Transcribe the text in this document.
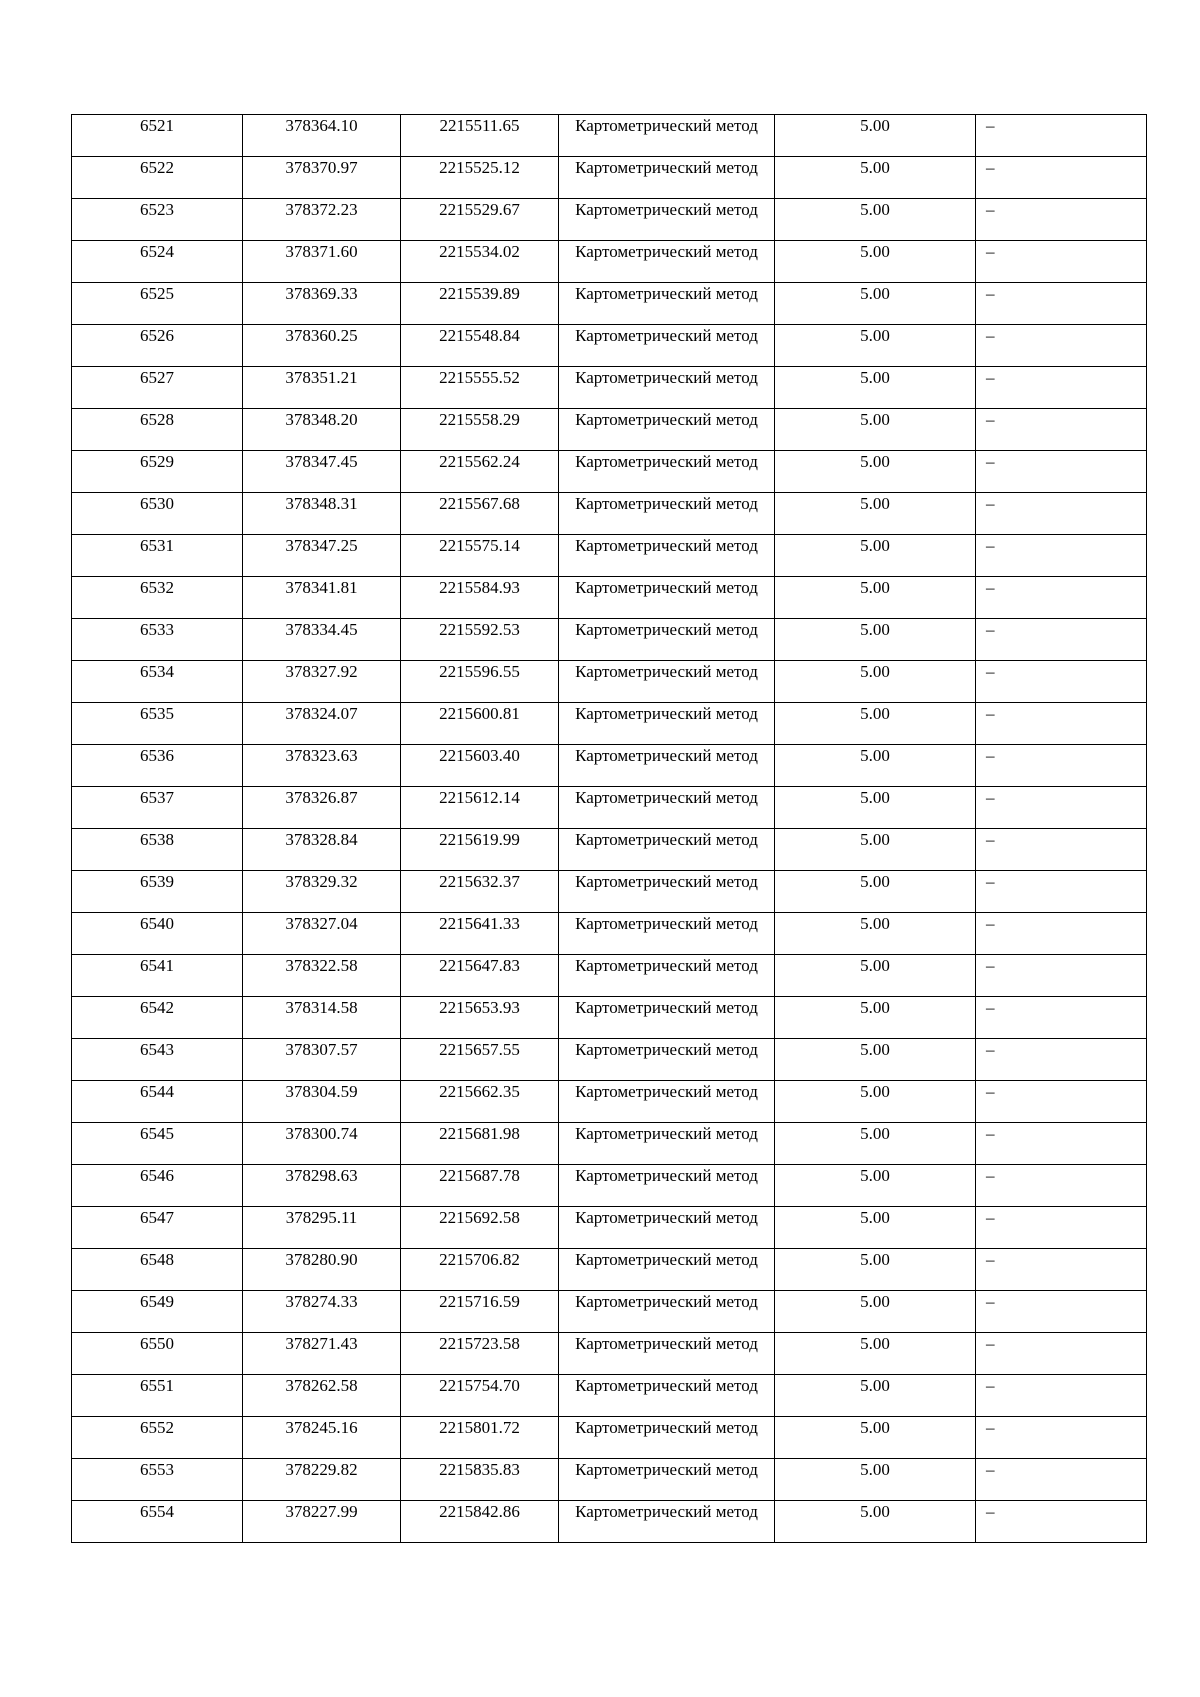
6521	378364.10	2215511.65	Картометрический метод	5.00	–
6522	378370.97	2215525.12	Картометрический метод	5.00	–
6523	378372.23	2215529.67	Картометрический метод	5.00	–
6524	378371.60	2215534.02	Картометрический метод	5.00	–
6525	378369.33	2215539.89	Картометрический метод	5.00	–
6526	378360.25	2215548.84	Картометрический метод	5.00	–
6527	378351.21	2215555.52	Картометрический метод	5.00	–
6528	378348.20	2215558.29	Картометрический метод	5.00	–
6529	378347.45	2215562.24	Картометрический метод	5.00	–
6530	378348.31	2215567.68	Картометрический метод	5.00	–
6531	378347.25	2215575.14	Картометрический метод	5.00	–
6532	378341.81	2215584.93	Картометрический метод	5.00	–
6533	378334.45	2215592.53	Картометрический метод	5.00	–
6534	378327.92	2215596.55	Картометрический метод	5.00	–
6535	378324.07	2215600.81	Картометрический метод	5.00	–
6536	378323.63	2215603.40	Картометрический метод	5.00	–
6537	378326.87	2215612.14	Картометрический метод	5.00	–
6538	378328.84	2215619.99	Картометрический метод	5.00	–
6539	378329.32	2215632.37	Картометрический метод	5.00	–
6540	378327.04	2215641.33	Картометрический метод	5.00	–
6541	378322.58	2215647.83	Картометрический метод	5.00	–
6542	378314.58	2215653.93	Картометрический метод	5.00	–
6543	378307.57	2215657.55	Картометрический метод	5.00	–
6544	378304.59	2215662.35	Картометрический метод	5.00	–
6545	378300.74	2215681.98	Картометрический метод	5.00	–
6546	378298.63	2215687.78	Картометрический метод	5.00	–
6547	378295.11	2215692.58	Картометрический метод	5.00	–
6548	378280.90	2215706.82	Картометрический метод	5.00	–
6549	378274.33	2215716.59	Картометрический метод	5.00	–
6550	378271.43	2215723.58	Картометрический метод	5.00	–
6551	378262.58	2215754.70	Картометрический метод	5.00	–
6552	378245.16	2215801.72	Картометрический метод	5.00	–
6553	378229.82	2215835.83	Картометрический метод	5.00	–
6554	378227.99	2215842.86	Картометрический метод	5.00	–
